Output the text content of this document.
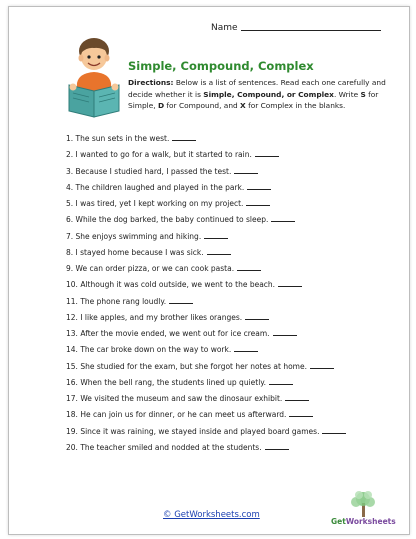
Name
Simple, Compound, Complex
Directions: Below is a list of sentences. Read each one carefully and decide whether it is Simple, Compound, or Complex. Write S for Simple, D for Compound, and X for Complex in the blanks.
1. The sun sets in the west.
2. I wanted to go for a walk, but it started to rain.
3. Because I studied hard, I passed the test.
4. The children laughed and played in the park.
5. I was tired, yet I kept working on my project.
6. While the dog barked, the baby continued to sleep.
7. She enjoys swimming and hiking.
8. I stayed home because I was sick.
9. We can order pizza, or we can cook pasta.
10. Although it was cold outside, we went to the beach.
11. The phone rang loudly.
12. I like apples, and my brother likes oranges.
13. After the movie ended, we went out for ice cream.
14. The car broke down on the way to work.
15. She studied for the exam, but she forgot her notes at home.
16. When the bell rang, the students lined up quietly.
17. We visited the museum and saw the dinosaur exhibit.
18. He can join us for dinner, or he can meet us afterward.
19. Since it was raining, we stayed inside and played board games.
20. The teacher smiled and nodded at the students.
© GetWorksheets.com
GetWorksheets
